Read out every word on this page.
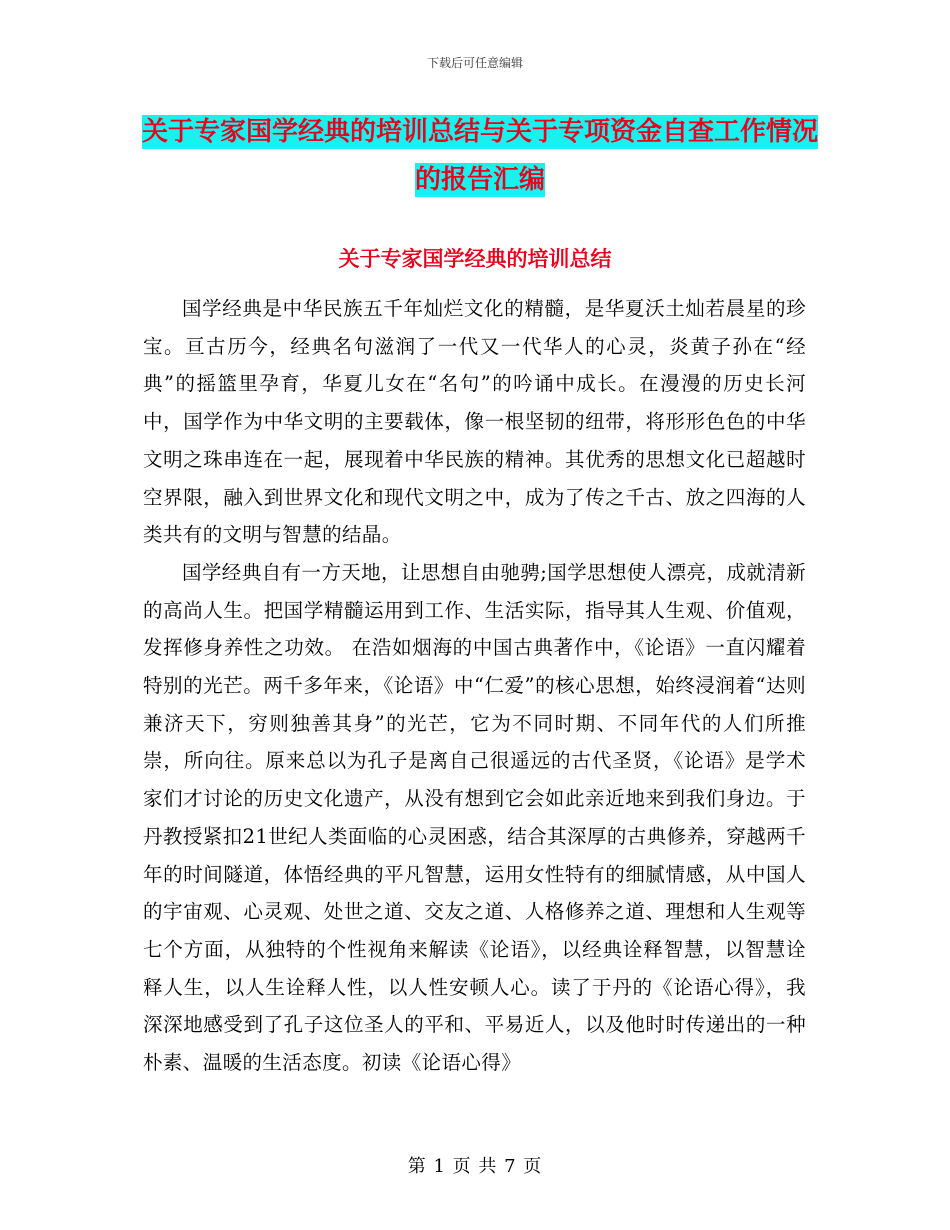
下载后可任意编辑
关于专家国学经典的培训总结与关于专项资金自查工作情况的报告汇编
关于专家国学经典的培训总结

国学经典是中华民族五千年灿烂文化的精髓，是华夏沃土灿若晨星的珍宝。亘古历今，经典名句滋润了一代又一代华人的心灵，炎黄子孙在“经典”的摇篮里孕育，华夏儿女在“名句”的吟诵中成长。在漫漫的历史长河中，国学作为中华文明的主要载体，像一根坚韧的纽带，将形形色色的中华文明之珠串连在一起，展现着中华民族的精神。其优秀的思想文化已超越时空界限，融入到世界文化和现代文明之中，成为了传之千古、放之四海的人类共有的文明与智慧的结晶。

国学经典自有一方天地，让思想自由驰骋;国学思想使人漂亮，成就清新的高尚人生。把国学精髓运用到工作、生活实际，指导其人生观、价值观，发挥修身养性之功效。 在浩如烟海的中国古典著作中，《论语》一直闪耀着特别的光芒。两千多年来，《论语》中“仁爱”的核心思想，始终浸润着“达则兼济天下，穷则独善其身”的光芒，它为不同时期、不同年代的人们所推崇，所向往。原来总以为孔子是离自己很遥远的古代圣贤，《论语》是学术家们才讨论的历史文化遗产，从没有想到它会如此亲近地来到我们身边。于丹教授紧扣21世纪人类面临的心灵困惑，结合其深厚的古典修养，穿越两千年的时间隧道，体悟经典的平凡智慧，运用女性特有的细腻情感，从中国人的宇宙观、心灵观、处世之道、交友之道、人格修养之道、理想和人生观等七个方面，从独特的个性视角来解读《论语》，以经典诠释智慧，以智慧诠释人生，以人生诠释人性，以人性安顿人心。读了于丹的《论语心得》，我深深地感受到了孔子这位圣人的平和、平易近人，以及他时时传递出的一种朴素、温暖的生活态度。初读《论语心得》

第 1 页 共 7 页
